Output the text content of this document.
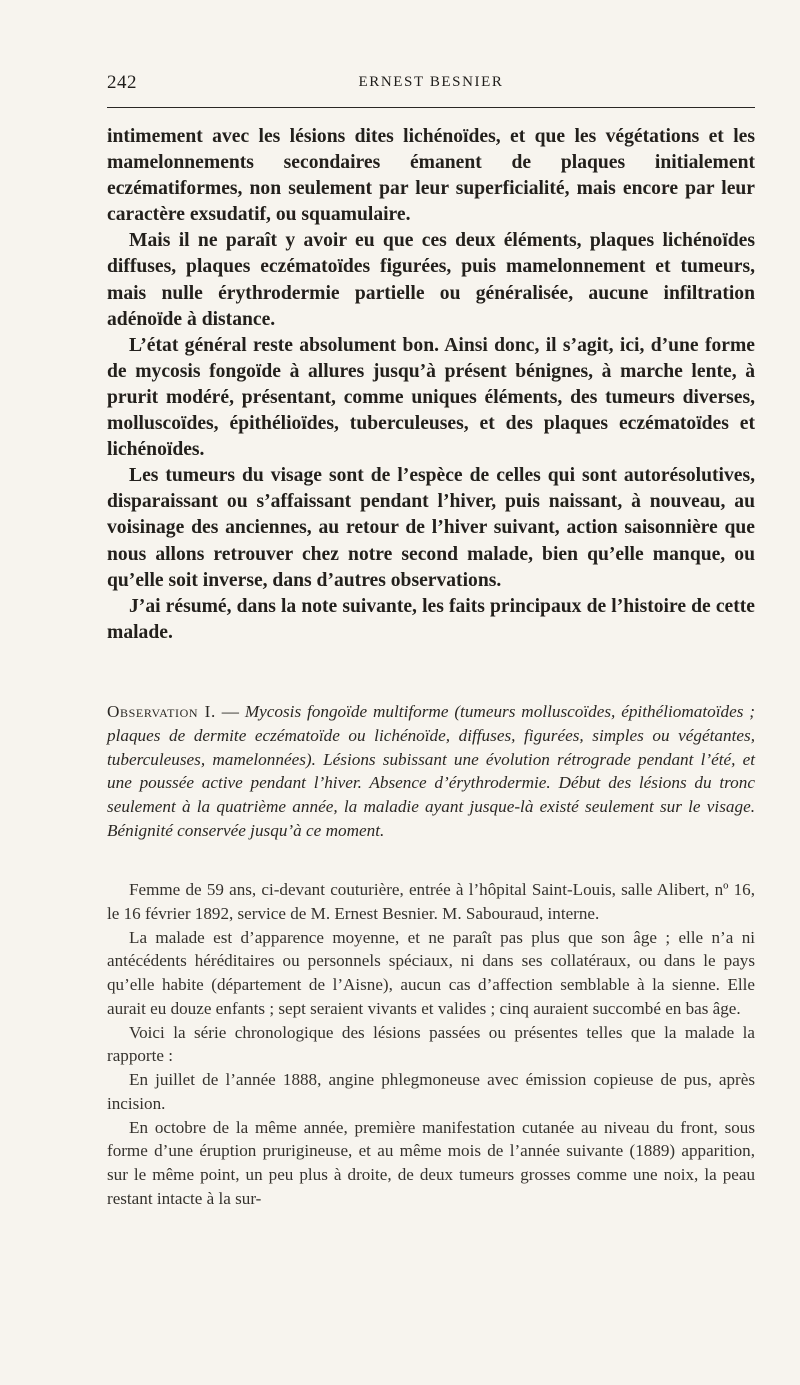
242	ERNEST BESNIER

intimement avec les lésions dites lichénoïdes, et que les végétations et les mamelonnements secondaires émanent de plaques initialement eczématiformes, non seulement par leur superficialité, mais encore par leur caractère exsudatif, ou squamulaire.

Mais il ne paraît y avoir eu que ces deux éléments, plaques lichénoïdes diffuses, plaques eczématoïdes figurées, puis mamelonnement et tumeurs, mais nulle érythrodermie partielle ou généralisée, aucune infiltration adénoïde à distance.

L’état général reste absolument bon. Ainsi donc, il s’agit, ici, d’une forme de mycosis fongoïde à allures jusqu’à présent bénignes, à marche lente, à prurit modéré, présentant, comme uniques éléments, des tumeurs diverses, molluscoïdes, épithélioïdes, tuberculeuses, et des plaques eczématoïdes et lichénoïdes.

Les tumeurs du visage sont de l’espèce de celles qui sont autorésolutives, disparaissant ou s’affaissant pendant l’hiver, puis naissant, à nouveau, au voisinage des anciennes, au retour de l’hiver suivant, action saisonnière que nous allons retrouver chez notre second malade, bien qu’elle manque, ou qu’elle soit inverse, dans d’autres observations.

J’ai résumé, dans la note suivante, les faits principaux de l’histoire de cette malade.

Observation I. — Mycosis fongoïde multiforme (tumeurs molluscoïdes, épithéliomatoïdes ; plaques de dermite eczématoïde ou lichénoïde, diffuses, figurées, simples ou végétantes, tuberculeuses, mamelonnées). Lésions subissant une évolution rétrograde pendant l’été, et une poussée active pendant l’hiver. Absence d’érythrodermie. Début des lésions du tronc seulement à la quatrième année, la maladie ayant jusque-là existé seulement sur le visage. Bénignité conservée jusqu’à ce moment.

Femme de 59 ans, ci-devant couturière, entrée à l’hôpital Saint-Louis, salle Alibert, nº 16, le 16 février 1892, service de M. Ernest Besnier. M. Sabouraud, interne.

La malade est d’apparence moyenne, et ne paraît pas plus que son âge ; elle n’a ni antécédents héréditaires ou personnels spéciaux, ni dans ses collatéraux, ou dans le pays qu’elle habite (département de l’Aisne), aucun cas d’affection semblable à la sienne. Elle aurait eu douze enfants ; sept seraient vivants et valides ; cinq auraient succombé en bas âge.

Voici la série chronologique des lésions passées ou présentes telles que la malade la rapporte :

En juillet de l’année 1888, angine phlegmoneuse avec émission copieuse de pus, après incision.

En octobre de la même année, première manifestation cutanée au niveau du front, sous forme d’une éruption prurigineuse, et au même mois de l’année suivante (1889) apparition, sur le même point, un peu plus à droite, de deux tumeurs grosses comme une noix, la peau restant intacte à la sur-
